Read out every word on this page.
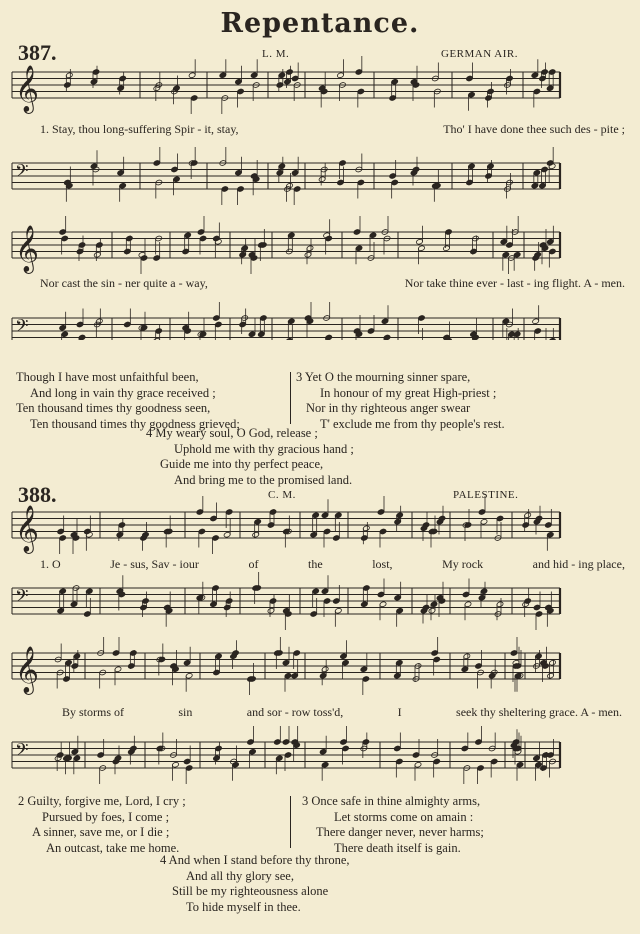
Repentance.
387.	L. M.	GERMAN AIR.
𝄞
𝄢
𝄞
𝄢
1. Stay, thou long-suffering Spir - it, stay,	Tho' I have done thee such des - pite ;
Nor cast the sin - ner quite a - way,	Nor take thine ever - last - ing flight. A - men.
Though I have most unfaithful been,
And long in vain thy grace received ;
Ten thousand times thy goodness seen,
Ten thousand times thy goodness grieved;
3 Yet O the mourning sinner spare,
In honour of my great High-priest ;
Nor in thy righteous anger swear
T' exclude me from thy people's rest.
4 My weary soul, O God, release ;
Uphold me with thy gracious hand ;
Guide me into thy perfect peace,
And bring me to the promised land.
388.	C. M.	PALESTINE.
𝄞
𝄢
𝄞
𝄢
1. O	Je - sus, Sav - iour	of	the	lost,	My rock	and hid - ing place,
By storms of	sin	and sor - row toss'd,	I	seek thy sheltering grace. A - men.
2 Guilty, forgive me, Lord, I cry ;
Pursued by foes, I come ;
A sinner, save me, or I die ;
An outcast, take me home.
3 Once safe in thine almighty arms,
Let storms come on amain :
There danger never, never harms;
There death itself is gain.
4 And when I stand before thy throne,
And all thy glory see,
Still be my righteousness alone
To hide myself in thee.
